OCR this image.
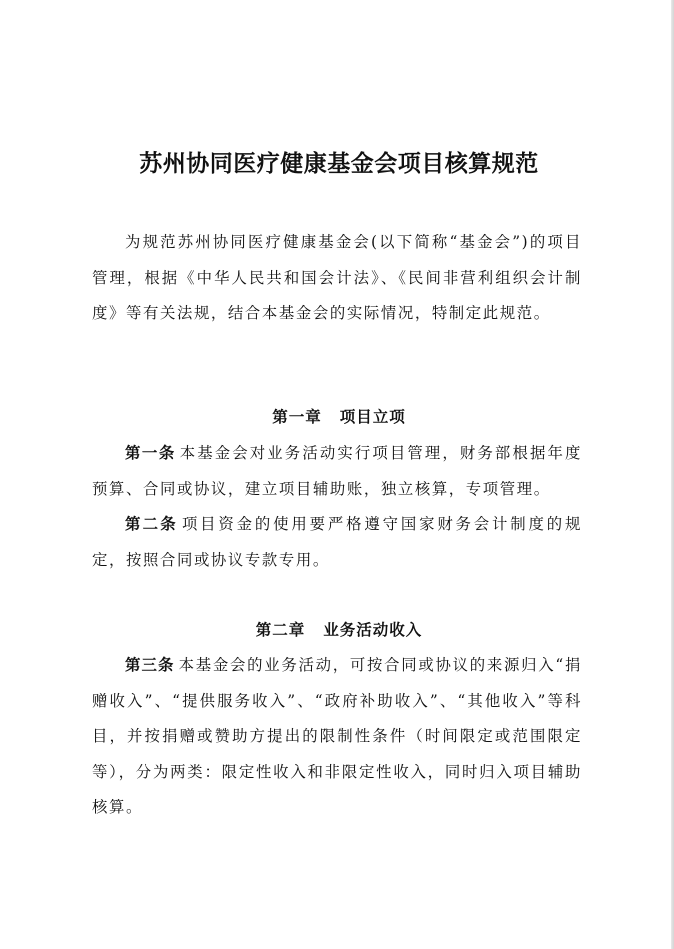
苏州协同医疗健康基金会项目核算规范
为规范苏州协同医疗健康基金会(以下简称“基金会”)的项目管理，根据《中华人民共和国会计法》、《民间非营利组织会计制度》等有关法规，结合本基金会的实际情况，特制定此规范。
第一章 项目立项
第一条 本基金会对业务活动实行项目管理，财务部根据年度预算、合同或协议，建立项目辅助账，独立核算，专项管理。
第二条 项目资金的使用要严格遵守国家财务会计制度的规定，按照合同或协议专款专用。
第二章 业务活动收入
第三条 本基金会的业务活动，可按合同或协议的来源归入“捐赠收入”、“提供服务收入”、“政府补助收入”、“其他收入”等科目，并按捐赠或赞助方提出的限制性条件（时间限定或范围限定等），分为两类：限定性收入和非限定性收入，同时归入项目辅助核算。
